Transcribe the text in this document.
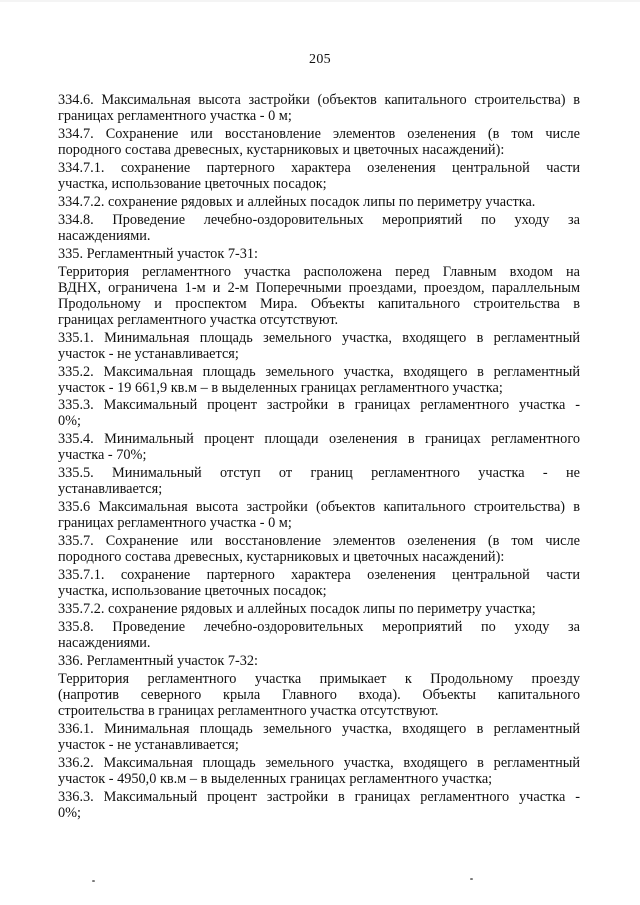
205
334.6. Максимальная высота застройки (объектов капитального строительства) в
границах регламентного участка - 0 м;
334.7. Сохранение или восстановление элементов озеленения (в том числе
породного состава древесных, кустарниковых и цветочных насаждений):
334.7.1. сохранение партерного характера озеленения центральной части
участка, использование цветочных посадок;
334.7.2. сохранение рядовых и аллейных посадок липы по периметру участка.
334.8. Проведение лечебно-оздоровительных мероприятий по уходу за
насаждениями.
335. Регламентный участок 7-31:
Территория регламентного участка расположена перед Главным входом на
ВДНХ, ограничена 1-м и 2-м Поперечными проездами, проездом, параллельным
Продольному и проспектом Мира. Объекты капитального строительства в
границах регламентного участка отсутствуют.
335.1. Минимальная площадь земельного участка, входящего в регламентный
участок - не устанавливается;
335.2. Максимальная площадь земельного участка, входящего в регламентный
участок - 19 661,9 кв.м – в выделенных границах регламентного участка;
335.3. Максимальный процент застройки в границах регламентного участка -
0%;
335.4. Минимальный процент площади озеленения в границах регламентного
участка - 70%;
335.5. Минимальный отступ от границ регламентного участка - не
устанавливается;
335.6 Максимальная высота застройки (объектов капитального строительства) в
границах регламентного участка - 0 м;
335.7. Сохранение или восстановление элементов озеленения (в том числе
породного состава древесных, кустарниковых и цветочных насаждений):
335.7.1. сохранение партерного характера озеленения центральной части
участка, использование цветочных посадок;
335.7.2. сохранение рядовых и аллейных посадок липы по периметру участка;
335.8. Проведение лечебно-оздоровительных мероприятий по уходу за
насаждениями.
336. Регламентный участок 7-32:
Территория регламентного участка примыкает к Продольному проезду
(напротив северного крыла Главного входа). Объекты капитального
строительства в границах регламентного участка отсутствуют.
336.1. Минимальная площадь земельного участка, входящего в регламентный
участок - не устанавливается;
336.2. Максимальная площадь земельного участка, входящего в регламентный
участок - 4950,0 кв.м – в выделенных границах регламентного участка;
336.3. Максимальный процент застройки в границах регламентного участка -
0%;
